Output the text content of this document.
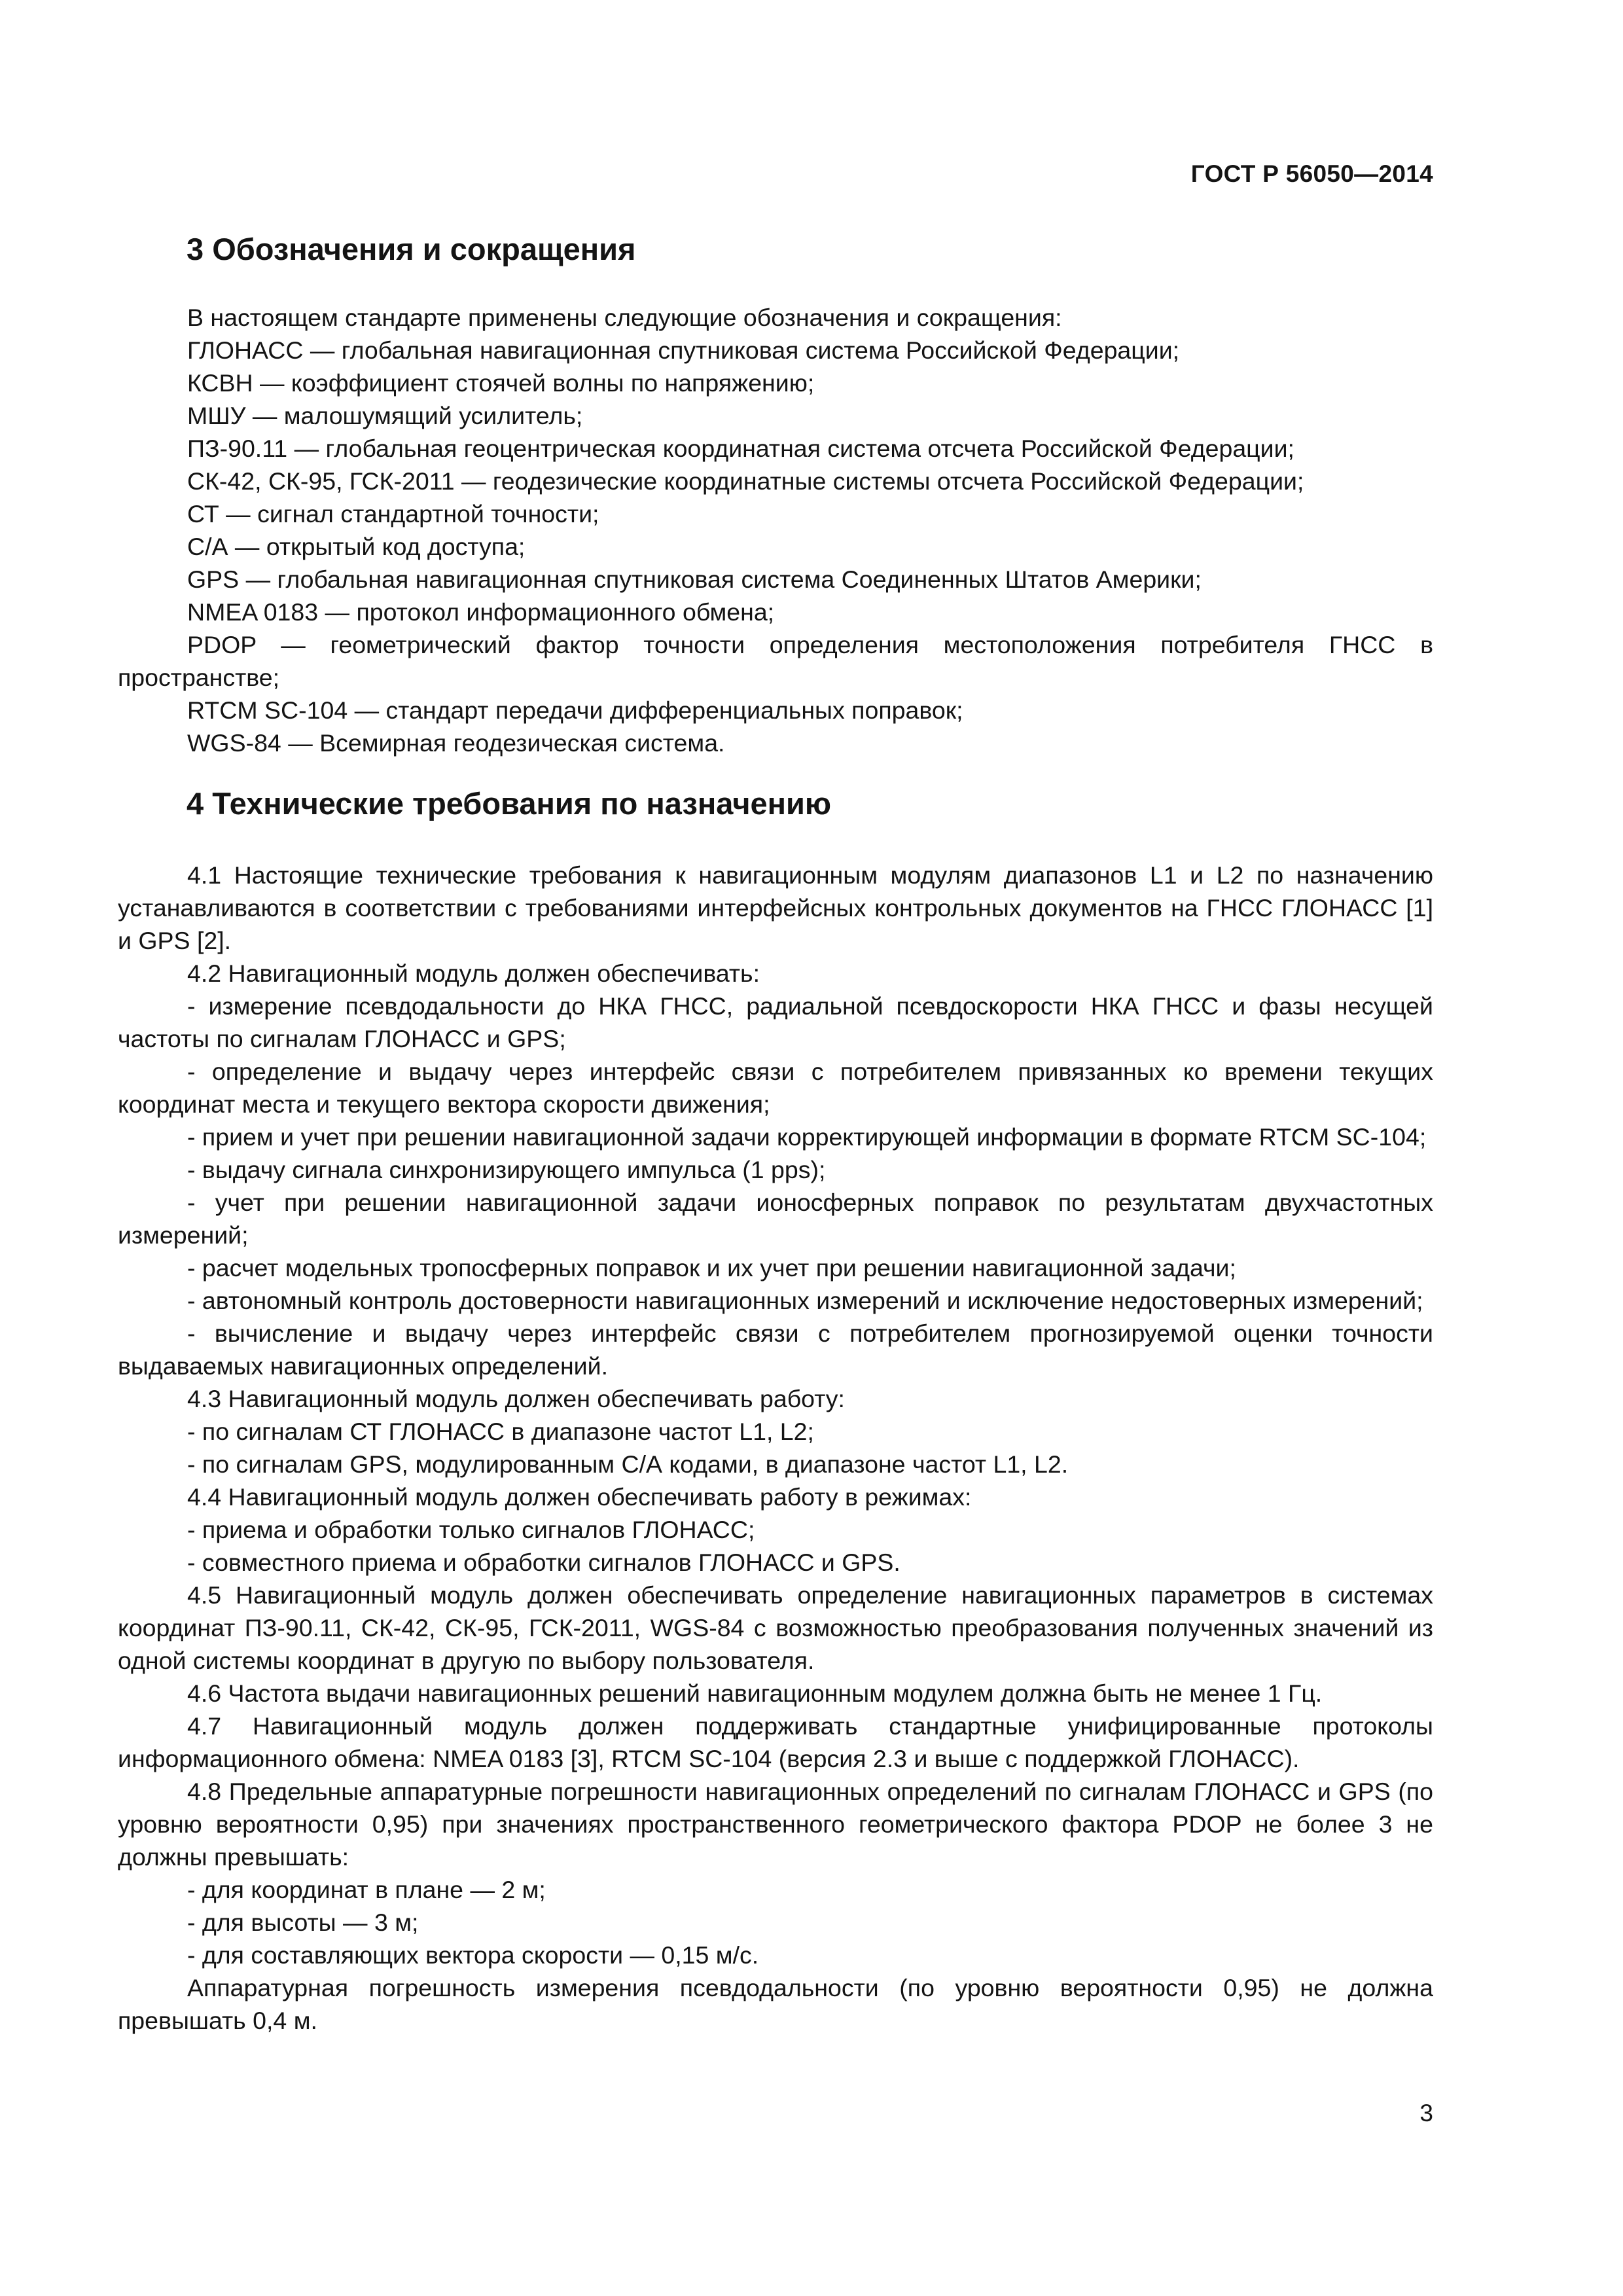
ГОСТ Р 56050—2014
3 Обозначения и сокращения

В настоящем стандарте применены следующие обозначения и сокращения:

ГЛОНАСС — глобальная навигационная спутниковая система Российской Федерации;

КСВН — коэффициент стоячей волны по напряжению;

МШУ — малошумящий усилитель;

ПЗ-90.11 — глобальная геоцентрическая координатная система отсчета Российской Федерации;

СК-42, СК-95, ГСК-2011 — геодезические координатные системы отсчета Российской Федерации;

СТ — сигнал стандартной точности;

С/А — открытый код доступа;

GPS — глобальная навигационная спутниковая система Соединенных Штатов Америки;

NMEA 0183 — протокол информационного обмена;

PDOP — геометрический фактор точности определения местоположения потребителя ГНСС в пространстве;

RTCM SC-104 — стандарт передачи дифференциальных поправок;

WGS-84 — Всемирная геодезическая система.

4 Технические требования по назначению

4.1 Настоящие технические требования к навигационным модулям диапазонов L1 и L2 по назначению устанавливаются в соответствии с требованиями интерфейсных контрольных документов на ГНСС ГЛОНАСС [1] и GPS [2].

4.2 Навигационный модуль должен обеспечивать:

- измерение псевдодальности до НКА ГНСС, радиальной псевдоскорости НКА ГНСС и фазы несущей частоты по сигналам ГЛОНАСС и GPS;

- определение и выдачу через интерфейс связи с потребителем привязанных ко времени текущих координат места и текущего вектора скорости движения;

- прием и учет при решении навигационной задачи корректирующей информации в формате RTCM SC-104;

- выдачу сигнала синхронизирующего импульса (1 pps);

- учет при решении навигационной задачи ионосферных поправок по результатам двухчастотных измерений;

- расчет модельных тропосферных поправок и их учет при решении навигационной задачи;

- автономный контроль достоверности навигационных измерений и исключение недостоверных измерений;

- вычисление и выдачу через интерфейс связи с потребителем прогнозируемой оценки точности выдаваемых навигационных определений.

4.3 Навигационный модуль должен обеспечивать работу:

- по сигналам СТ ГЛОНАСС в диапазоне частот L1, L2;

- по сигналам GPS, модулированным С/А кодами, в диапазоне частот L1, L2.

4.4 Навигационный модуль должен обеспечивать работу в режимах:

- приема и обработки только сигналов ГЛОНАСС;

- совместного приема и обработки сигналов ГЛОНАСС и GPS.

4.5 Навигационный модуль должен обеспечивать определение навигационных параметров в системах координат ПЗ-90.11, СК-42, СК-95, ГСК-2011, WGS-84 с возможностью преобразования полученных значений из одной системы координат в другую по выбору пользователя.

4.6 Частота выдачи навигационных решений навигационным модулем должна быть не менее 1 Гц.

4.7 Навигационный модуль должен поддерживать стандартные унифицированные протоколы информационного обмена: NMEA 0183 [3], RTCM SC-104 (версия 2.3 и выше с поддержкой ГЛОНАСС).

4.8 Предельные аппаратурные погрешности навигационных определений по сигналам ГЛОНАСС и GPS (по уровню вероятности 0,95) при значениях пространственного геометрического фактора PDOP не более 3 не должны превышать:

- для координат в плане — 2 м;

- для высоты — 3 м;

- для составляющих вектора скорости — 0,15 м/с.

Аппаратурная погрешность измерения псевдодальности (по уровню вероятности 0,95) не должна превышать 0,4 м.

3
